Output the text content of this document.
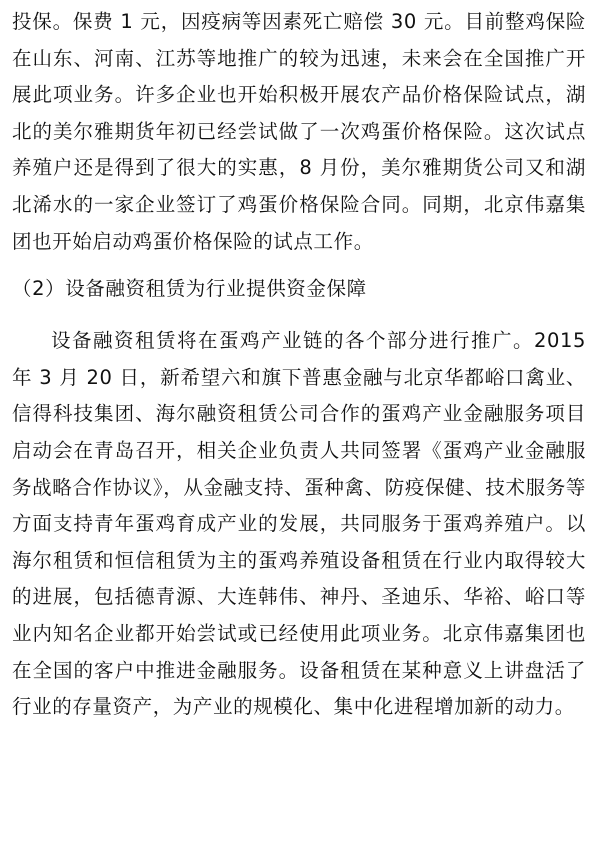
投保。保费 1 元，因疫病等因素死亡赔偿 30 元。目前整鸡保险在山东、河南、江苏等地推广的较为迅速，未来会在全国推广开展此项业务。许多企业也开始积极开展农产品价格保险试点，湖北的美尔雅期货年初已经尝试做了一次鸡蛋价格保险。这次试点养殖户还是得到了很大的实惠，8 月份，美尔雅期货公司又和湖北浠水的一家企业签订了鸡蛋价格保险合同。同期，北京伟嘉集团也开始启动鸡蛋价格保险的试点工作。

（2）设备融资租赁为行业提供资金保障

设备融资租赁将在蛋鸡产业链的各个部分进行推广。2015 年 3 月 20 日，新希望六和旗下普惠金融与北京华都峪口禽业、信得科技集团、海尔融资租赁公司合作的蛋鸡产业金融服务项目启动会在青岛召开，相关企业负责人共同签署《蛋鸡产业金融服务战略合作协议》，从金融支持、蛋种禽、防疫保健、技术服务等方面支持青年蛋鸡育成产业的发展，共同服务于蛋鸡养殖户。以海尔租赁和恒信租赁为主的蛋鸡养殖设备租赁在行业内取得较大的进展，包括德青源、大连韩伟、神丹、圣迪乐、华裕、峪口等业内知名企业都开始尝试或已经使用此项业务。北京伟嘉集团也在全国的客户中推进金融服务。设备租赁在某种意义上讲盘活了行业的存量资产，为产业的规模化、集中化进程增加新的动力。
